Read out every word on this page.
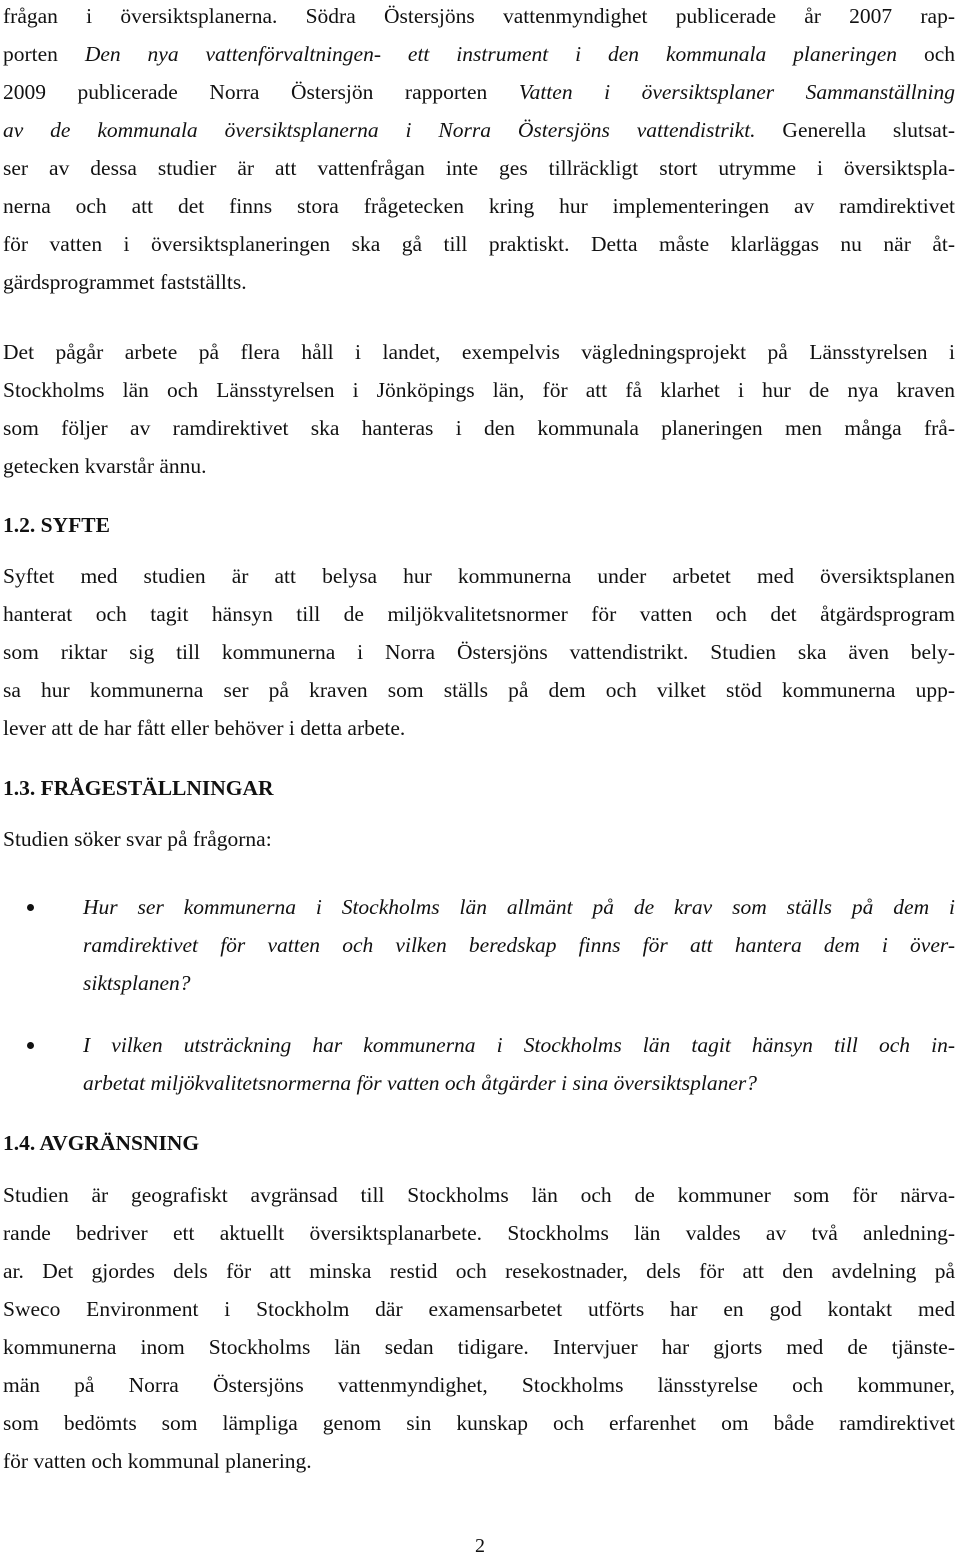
frågan i översiktsplanerna. Södra Östersjöns vattenmyndighet publicerade år 2007 rap-
porten Den nya vattenförvaltningen- ett instrument i den kommunala planeringen och
2009 publicerade Norra Östersjön rapporten Vatten i översiktsplaner Sammanställning
av de kommunala översiktsplanerna i Norra Östersjöns vattendistrikt. Generella slutsat-
ser av dessa studier är att vattenfrågan inte ges tillräckligt stort utrymme i översiktspla-
nerna och att det finns stora frågetecken kring hur implementeringen av ramdirektivet
för vatten i översiktsplaneringen ska gå till praktiskt. Detta måste klarläggas nu när åt-
gärdsprogrammet fastställts.
Det pågår arbete på flera håll i landet, exempelvis vägledningsprojekt på Länsstyrelsen i
Stockholms län och Länsstyrelsen i Jönköpings län, för att få klarhet i hur de nya kraven
som följer av ramdirektivet ska hanteras i den kommunala planeringen men många frå-
getecken kvarstår ännu.
1.2. SYFTE
Syftet med studien är att belysa hur kommunerna under arbetet med översiktsplanen
hanterat och tagit hänsyn till de miljökvalitetsnormer för vatten och det åtgärdsprogram
som riktar sig till kommunerna i Norra Östersjöns vattendistrikt. Studien ska även bely-
sa hur kommunerna ser på kraven som ställs på dem och vilket stöd kommunerna upp-
lever att de har fått eller behöver i detta arbete.
1.3. FRÅGESTÄLLNINGAR
Studien söker svar på frågorna:
Hur ser kommunerna i Stockholms län allmänt på de krav som ställs på dem i
ramdirektivet för vatten och vilken beredskap finns för att hantera dem i över-
siktsplanen?
I vilken utsträckning har kommunerna i Stockholms län tagit hänsyn till och in-
arbetat miljökvalitetsnormerna för vatten och åtgärder i sina översiktsplaner?
1.4. AVGRÄNSNING
Studien är geografiskt avgränsad till Stockholms län och de kommuner som för närva-
rande bedriver ett aktuellt översiktsplanarbete. Stockholms län valdes av två anledning-
ar. Det gjordes dels för att minska restid och resekostnader, dels för att den avdelning på
Sweco Environment i Stockholm där examensarbetet utförts har en god kontakt med
kommunerna inom Stockholms län sedan tidigare. Intervjuer har gjorts med de tjänste-
män på Norra Östersjöns vattenmyndighet, Stockholms länsstyrelse och kommuner,
som bedömts som lämpliga genom sin kunskap och erfarenhet om både ramdirektivet
för vatten och kommunal planering.
2
